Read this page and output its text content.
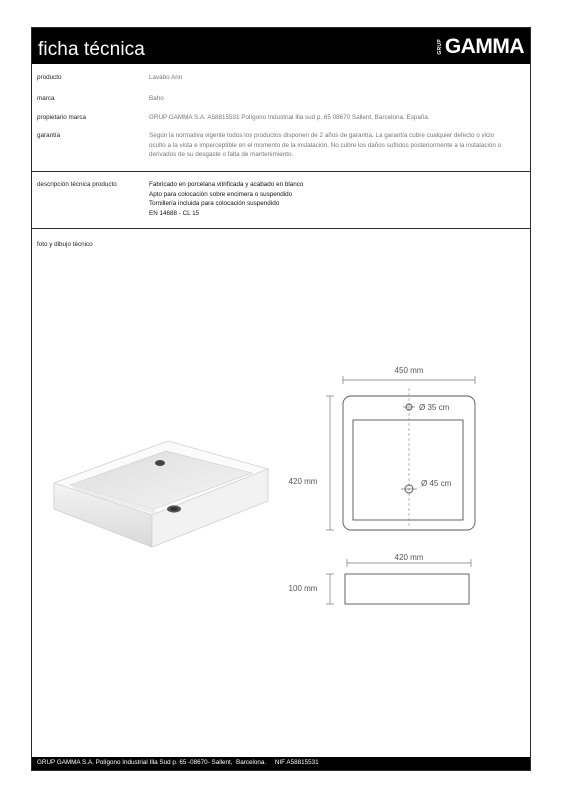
ficha técnica	GRUP GAMMA
producto	Lavabo Ann
marca	Baho
propietario marca	GRUP GAMMA S.A. A58815531 Polígono Industrial Illa sud p. 65 08670 Sallent, Barcelona. España.
garantía	Según la normativa vigente todos los productos disponen de 2 años de garantía. La garantía cubre cualquier defecto o vicio
oculto a la vista e imperceptible en el momento de la instalación. No cubre los daños sufridos posteriormente a la instalación o
derivados de su desgaste o falta de mantenimiento.
descripción técnica producto	Fabricado en porcelana vitrificada y acabado en blanco
Apto para colocación sobre encimera o suspendido
Tornillería incluida para colocación suspendido
EN 14688 - CL 15
foto y dibujo técnico
450 mm
420 mm
Ø 35 cm
Ø 45 cm
420 mm
100 mm
GRUP GAMMA S.A. Polígono Industrial Illa Sud p. 65 -08670- Sallent,  Barcelona.     NIF A58815531
